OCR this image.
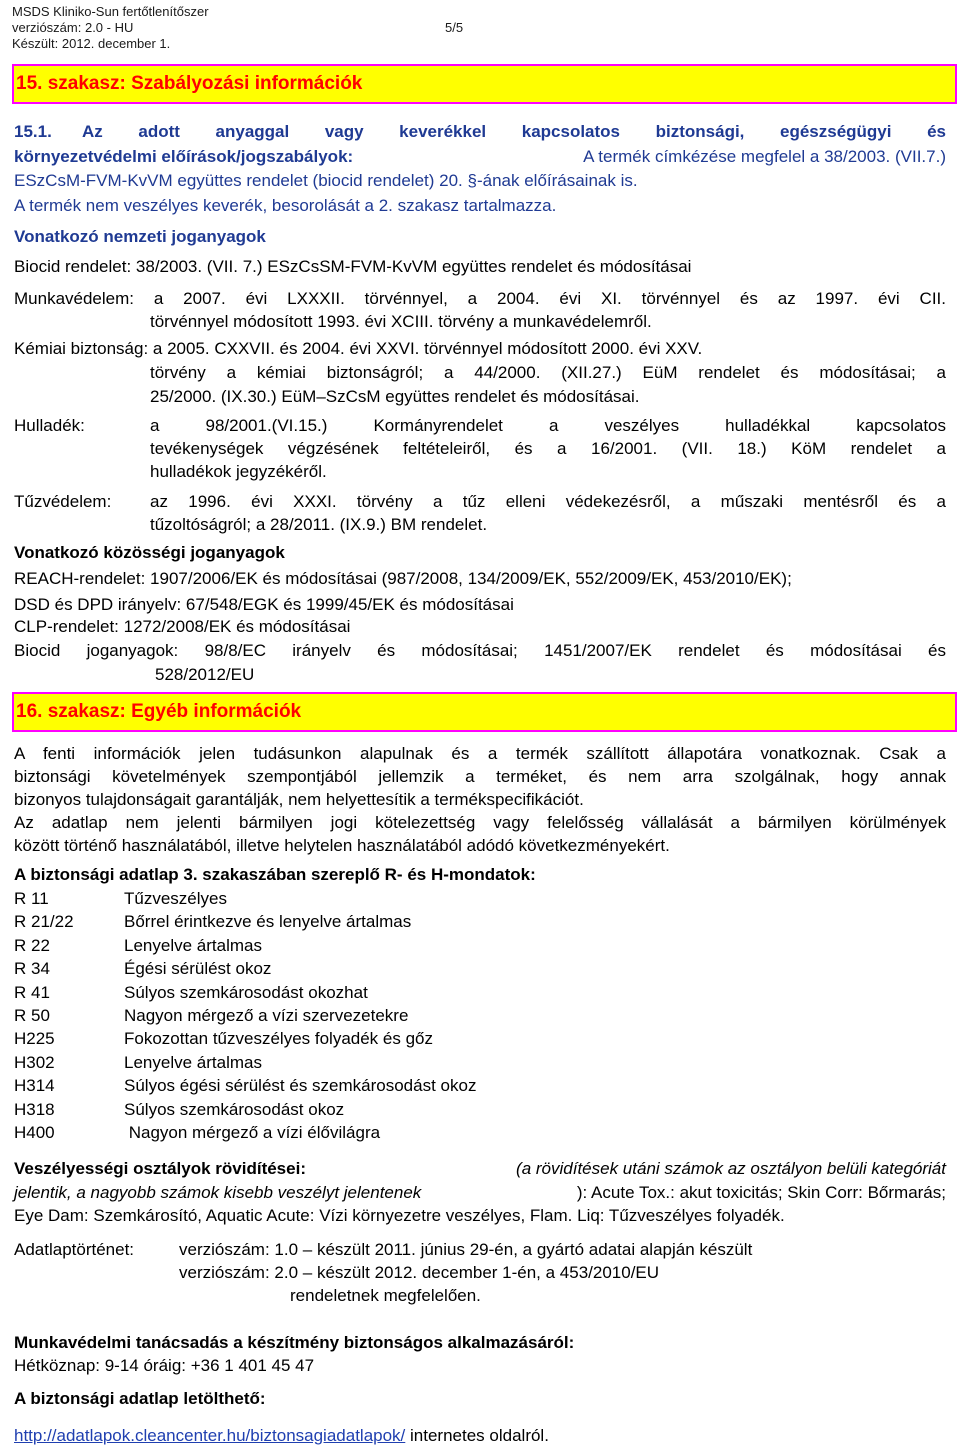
MSDS Kliniko-Sun fertőtlenítőszer
verziószám: 2.0 - HU	5/5
Készült: 2012. december 1.
15. szakasz: Szabályozási információk
15.1. Az adott anyaggal vagy keverékkel kapcsolatos biztonsági, egészségügyi és
környezetvédelmi előírások/jogszabályok:	A termék címkézése megfelel a 38/2003. (VII.7.)
ESzCsM-FVM-KvVM együttes rendelet (biocid rendelet) 20. §-ának előírásainak is.
A termék nem veszélyes keverék, besorolását a 2. szakasz tartalmazza.
Vonatkozó nemzeti joganyagok
Biocid rendelet: 38/2003. (VII. 7.) ESzCsSM-FVM-KvVM együttes rendelet és módosításai
Munkavédelem: a 2007. évi LXXXII. törvénnyel, a 2004. évi XI. törvénnyel és az 1997. évi CII.
törvénnyel módosított 1993. évi XCIII. törvény a munkavédelemről.
Kémiai biztonság: a 2005. CXXVII. és 2004. évi XXVI. törvénnyel módosított 2000. évi XXV.
törvény a kémiai biztonságról; a 44/2000. (XII.27.) EüM rendelet és módosításai; a
25/2000. (IX.30.) EüM–SzCsM együttes rendelet és módosításai.
Hulladék:	a 98/2001.(VI.15.) Kormányrendelet a veszélyes hulladékkal kapcsolatos
tevékenységek végzésének feltételeiről, és a 16/2001. (VII. 18.) KöM rendelet a
hulladékok jegyzékéről.
Tűzvédelem: az 1996. évi XXXI. törvény a tűz elleni védekezésről, a műszaki mentésről és a
tűzoltóságról; a 28/2011. (IX.9.) BM rendelet.
Vonatkozó közösségi joganyagok
REACH-rendelet: 1907/2006/EK és módosításai (987/2008, 134/2009/EK, 552/2009/EK, 453/2010/EK);
DSD és DPD irányelv: 67/548/EGK és 1999/45/EK és módosításai
CLP-rendelet: 1272/2008/EK és módosításai
Biocid joganyagok: 98/8/EC irányelv és módosításai; 1451/2007/EK rendelet és módosításai és
528/2012/EU
16. szakasz: Egyéb információk
A fenti információk jelen tudásunkon alapulnak és a termék szállított állapotára vonatkoznak. Csak a
biztonsági követelmények szempontjából jellemzik a terméket, és nem arra szolgálnak, hogy annak
bizonyos tulajdonságait garantálják, nem helyettesítik a termékspecifikációt.
Az adatlap nem jelenti bármilyen jogi kötelezettség vagy felelősség vállalását a bármilyen körülmények
között történő használatából, illetve helytelen használatából adódó következményekért.
A biztonsági adatlap 3. szakaszában szereplő R- és H-mondatok:
R 11	Tűzveszélyes
R 21/22	Bőrrel érintkezve és lenyelve ártalmas
R 22	Lenyelve ártalmas
R 34	Égési sérülést okoz
R 41	Súlyos szemkárosodást okozhat
R 50	Nagyon mérgező a vízi szervezetekre
H225	Fokozottan tűzveszélyes folyadék és gőz
H302	Lenyelve ártalmas
H314	Súlyos égési sérülést és szemkárosodást okoz
H318	Súlyos szemkárosodást okoz
H400	Nagyon mérgező a vízi élővilágra
Veszélyességi osztályok rövidítései:	(a rövidítések utáni számok az osztályon belüli kategóriát
jelentik, a nagyobb számok kisebb veszélyt jelentenek	): Acute Tox.: akut toxicitás; Skin Corr: Bőrmarás;
Eye Dam: Szemkárosító, Aquatic Acute: Vízi környezetre veszélyes, Flam. Liq: Tűzveszélyes folyadék.
Adatlaptörténet:	verziószám: 1.0 – készült 2011. június 29-én, a gyártó adatai alapján készült
verziószám: 2.0 – készült 2012. december 1-én, a 453/2010/EU
rendeletnek megfelelően.
Munkavédelmi tanácsadás a készítmény biztonságos alkalmazásáról:
Hétköznap: 9-14 óráig: +36 1 401 45 47
A biztonsági adatlap letölthető:
http://adatlapok.cleancenter.hu/biztonsagiadatlapok/ internetes oldalról.
